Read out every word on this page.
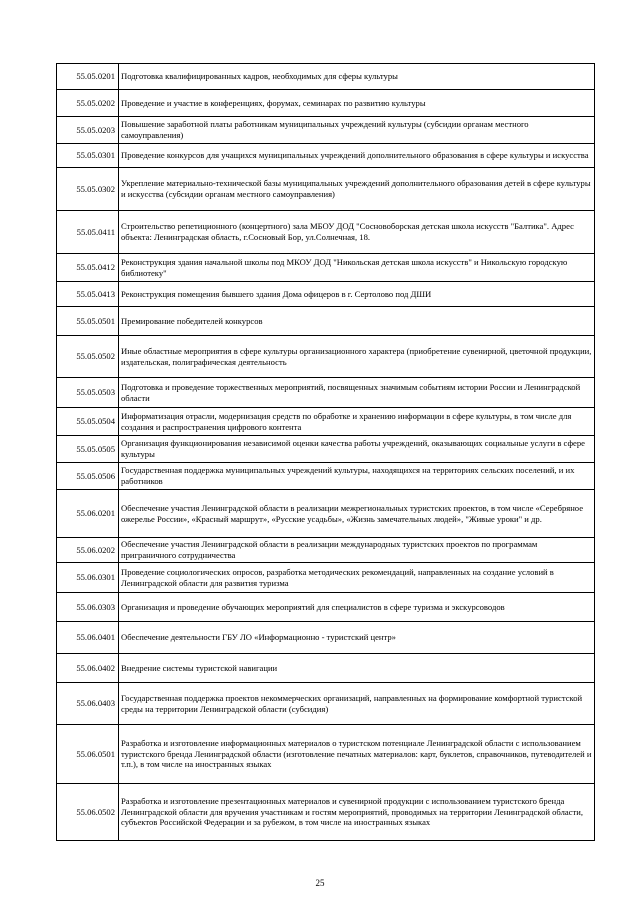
55.05.0201	Подготовка квалифицированных кадров, необходимых для сферы культуры
55.05.0202	Проведение и участие в конференциях, форумах, семинарах по развитию культуры
55.05.0203	Повышение заработной платы работникам муниципальных учреждений культуры (субсидии органам местного самоуправления)
55.05.0301	Проведение конкурсов для учащихся муниципальных учреждений дополнительного образования в сфере культуры и искусства
55.05.0302	Укрепление материально-технической базы муниципальных учреждений дополнительного образования детей в сфере культуры и искусства (субсидии органам местного самоуправления)
55.05.0411	Строительство репетиционного (концертного) зала МБОУ ДОД "Сосновоборская детская школа искусств "Балтика". Адрес объекта: Ленинградская область, г.Сосновый Бор, ул.Солнечная, 18.
55.05.0412	Реконструкция здания начальной школы под МКОУ ДОД "Никольская детская школа искусств" и Никольскую городскую библиотеку"
55.05.0413	Реконструкция помещения бывшего здания Дома офицеров в г. Сертолово под ДШИ
55.05.0501	Премирование победителей конкурсов
55.05.0502	Иные областные мероприятия в сфере культуры организационного характера (приобретение сувенирной, цветочной продукции, издательская, полиграфическая деятельность
55.05.0503	Подготовка и проведение торжественных мероприятий, посвященных значимым событиям истории России и Ленинградской области
55.05.0504	Информатизация отрасли, модернизация средств по обработке и хранению информации в сфере культуры, в том числе для создания и распространения цифрового контента
55.05.0505	Организация функционирования независимой оценки качества работы учреждений, оказывающих социальные услуги в сфере культуры
55.05.0506	Государственная поддержка муниципальных учреждений культуры, находящихся на территориях сельских поселений, и их работников
55.06.0201	Обеспечение участия Ленинградской области в реализации межрегиональных туристских проектов, в том числе «Серебряное ожерелье России», «Красный маршрут», «Русские усадьбы», «Жизнь замечательных людей», "Живые уроки" и др.
55.06.0202	Обеспечение участия Ленинградской области в реализации международных туристских проектов по программам приграничного сотрудничества
55.06.0301	Проведение социологических опросов, разработка методических рекомендаций, направленных на создание условий в Ленинградской области для развития туризма
55.06.0303	Организация и проведение обучающих мероприятий для специалистов в сфере туризма и экскурсоводов
55.06.0401	Обеспечение деятельности ГБУ ЛО «Информационно - туристский центр»
55.06.0402	Внедрение системы туристской навигации
55.06.0403	Государственная поддержка проектов некоммерческих организаций, направленных на формирование комфортной туристской среды на территории Ленинградской области (субсидия)
55.06.0501	Разработка и изготовление информационных материалов о туристском потенциале Ленинградской области с использованием туристского бренда Ленинградской области (изготовление печатных материалов: карт, буклетов, справочников, путеводителей и т.п.), в том числе на иностранных языках
55.06.0502	Разработка и изготовление презентационных материалов и сувенирной продукции с использованием туристского бренда Ленинградской области для вручения участникам и гостям мероприятий, проводимых на территории Ленинградской области, субъектов Российской Федерации и за рубежом, в том числе на иностранных языках
25
